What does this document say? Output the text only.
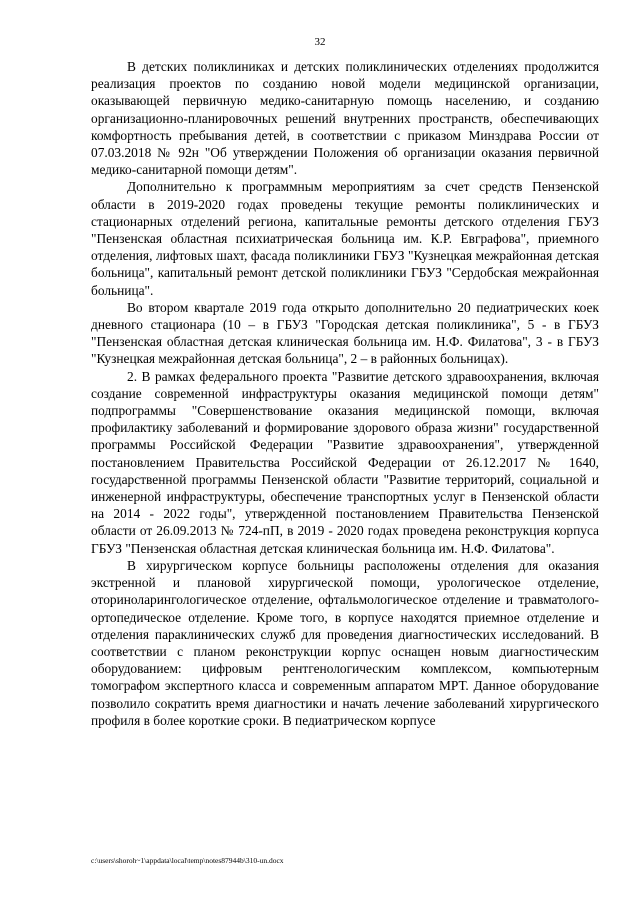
32

В детских поликлиниках и детских поликлинических отделениях продолжится реализация проектов по созданию новой модели медицинской организации, оказывающей первичную медико-санитарную помощь населению, и созданию организационно-планировочных решений внутренних пространств, обеспечивающих комфортность пребывания детей, в соответствии с приказом Минздрава России от 07.03.2018 № 92н "Об утверждении Положения об организации оказания первичной медико-санитарной помощи детям".

Дополнительно к программным мероприятиям за счет средств Пензенской области в 2019-2020 годах проведены текущие ремонты поликлинических и стационарных отделений региона, капитальные ремонты детского отделения ГБУЗ "Пензенская областная психиатрическая больница им. К.Р. Евграфова", приемного отделения, лифтовых шахт, фасада поликлиники ГБУЗ "Кузнецкая межрайонная детская больница", капитальный ремонт детской поликлиники ГБУЗ "Сердобская межрайонная больница".

Во втором квартале 2019 года открыто дополнительно 20 педиатрических коек дневного стационара (10 – в ГБУЗ "Городская детская поликлиника", 5 - в ГБУЗ "Пензенская областная детская клиническая больница им. Н.Ф. Филатова", 3 - в ГБУЗ "Кузнецкая межрайонная детская больница", 2 – в районных больницах).

2. В рамках федерального проекта "Развитие детского здравоохранения, включая создание современной инфраструктуры оказания медицинской помощи детям" подпрограммы "Совершенствование оказания медицинской помощи, включая профилактику заболеваний и формирование здорового образа жизни" государственной программы Российской Федерации "Развитие здравоохранения", утвержденной постановлением Правительства Российской Федерации от 26.12.2017 № 1640, государственной программы Пензенской области "Развитие территорий, социальной и инженерной инфраструктуры, обеспечение транспортных услуг в Пензенской области на 2014 - 2022 годы", утвержденной постановлением Правительства Пензенской области от 26.09.2013 № 724-пП, в 2019 - 2020 годах проведена реконструкция корпуса ГБУЗ "Пензенская областная детская клиническая больница им. Н.Ф. Филатова".

В хирургическом корпусе больницы расположены отделения для оказания экстренной и плановой хирургической помощи, урологическое отделение, оториноларингологическое отделение, офтальмологическое отделение и травматолого-ортопедическое отделение. Кроме того, в корпусе находятся приемное отделение и отделения параклинических служб для проведения диагностических исследований. В соответствии с планом реконструкции корпус оснащен новым диагностическим оборудованием: цифровым рентгенологическим комплексом, компьютерным томографом экспертного класса и современным аппаратом МРТ. Данное оборудование позволило сократить время диагностики и начать лечение заболеваний хирургического профиля в более короткие сроки. В педиатрическом корпусе

c:\users\shoroh~1\appdata\local\temp\notes87944b\310-un.docx
